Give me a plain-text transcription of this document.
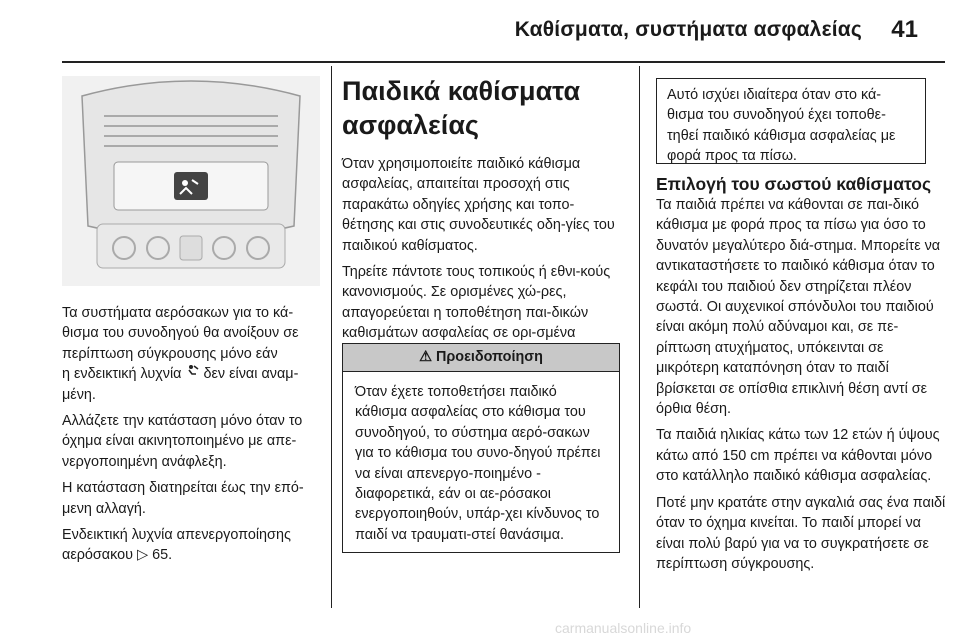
Καθίσματα, συστήματα ασφαλείας 41

Τα συστήματα αερόσακων για το κά-θισμα του συνοδηγού θα ανοίξουν σε περίπτωση σύγκρουσης μόνο εάν

η ενδεικτική λυχνία δεν είναι αναμ-

μένη.

Αλλάζετε την κατάσταση μόνο όταν το όχημα είναι ακινητοποιημένο με απε-νεργοποιημένη ανάφλεξη.

Η κατάσταση διατηρείται έως την επό-μενη αλλαγή.

Ενδεικτική λυχνία απενεργοποίησης αερόσακου ▷ 65.

Παιδικά καθίσματα ασφαλείας

Όταν χρησιμοποιείτε παιδικό κάθισμα ασφαλείας, απαιτείται προσοχή στις παρακάτω οδηγίες χρήσης και τοπο-θέτησης και στις συνοδευτικές οδη-γίες του παιδικού καθίσματος.

Τηρείτε πάντοτε τους τοπικούς ή εθνι-κούς κανονισμούς. Σε ορισμένες χώ-ρες, απαγορεύεται η τοποθέτηση παι-δικών καθισμάτων ασφαλείας σε ορι-σμένα

⚠ Προειδοποίηση
Όταν έχετε τοποθετήσει παιδικό κάθισμα ασφαλείας στο κάθισμα του συνοδηγού, το σύστημα αερό-σακων για το κάθισμα του συνο-δηγού πρέπει να είναι απενεργο-ποιημένο - διαφορετικά, εάν οι αε-ρόσακοι ενεργοποιηθούν, υπάρ-χει κίνδυνος το παιδί να τραυματι-στεί θανάσιμα.
Αυτό ισχύει ιδιαίτερα όταν στο κά-θισμα του συνοδηγού έχει τοποθε-τηθεί παιδικό κάθισμα ασφαλείας με φορά προς τα πίσω.
Επιλογή του σωστού καθίσματος

Τα παιδιά πρέπει να κάθονται σε παι-δικό κάθισμα με φορά προς τα πίσω για όσο το δυνατόν μεγαλύτερο διά-στημα. Μπορείτε να αντικαταστήσετε το παιδικό κάθισμα όταν το κεφάλι του παιδιού δεν στηρίζεται πλέον σωστά. Οι αυχενικοί σπόνδυλοι του παιδιού είναι ακόμη πολύ αδύναμοι και, σε πε-ρίπτωση ατυχήματος, υπόκεινται σε μικρότερη καταπόνηση όταν το παιδί βρίσκεται σε οπίσθια επικλινή θέση αντί σε όρθια θέση.

Τα παιδιά ηλικίας κάτω των 12 ετών ή ύψους κάτω από 150 cm πρέπει να κάθονται μόνο στο κατάλληλο παιδικό κάθισμα ασφαλείας.

Ποτέ μην κρατάτε στην αγκαλιά σας ένα παιδί όταν το όχημα κινείται. Το παιδί μπορεί να είναι πολύ βαρύ για να το συγκρατήσετε σε περίπτωση σύγκρουσης.

carmanualsonline.info
